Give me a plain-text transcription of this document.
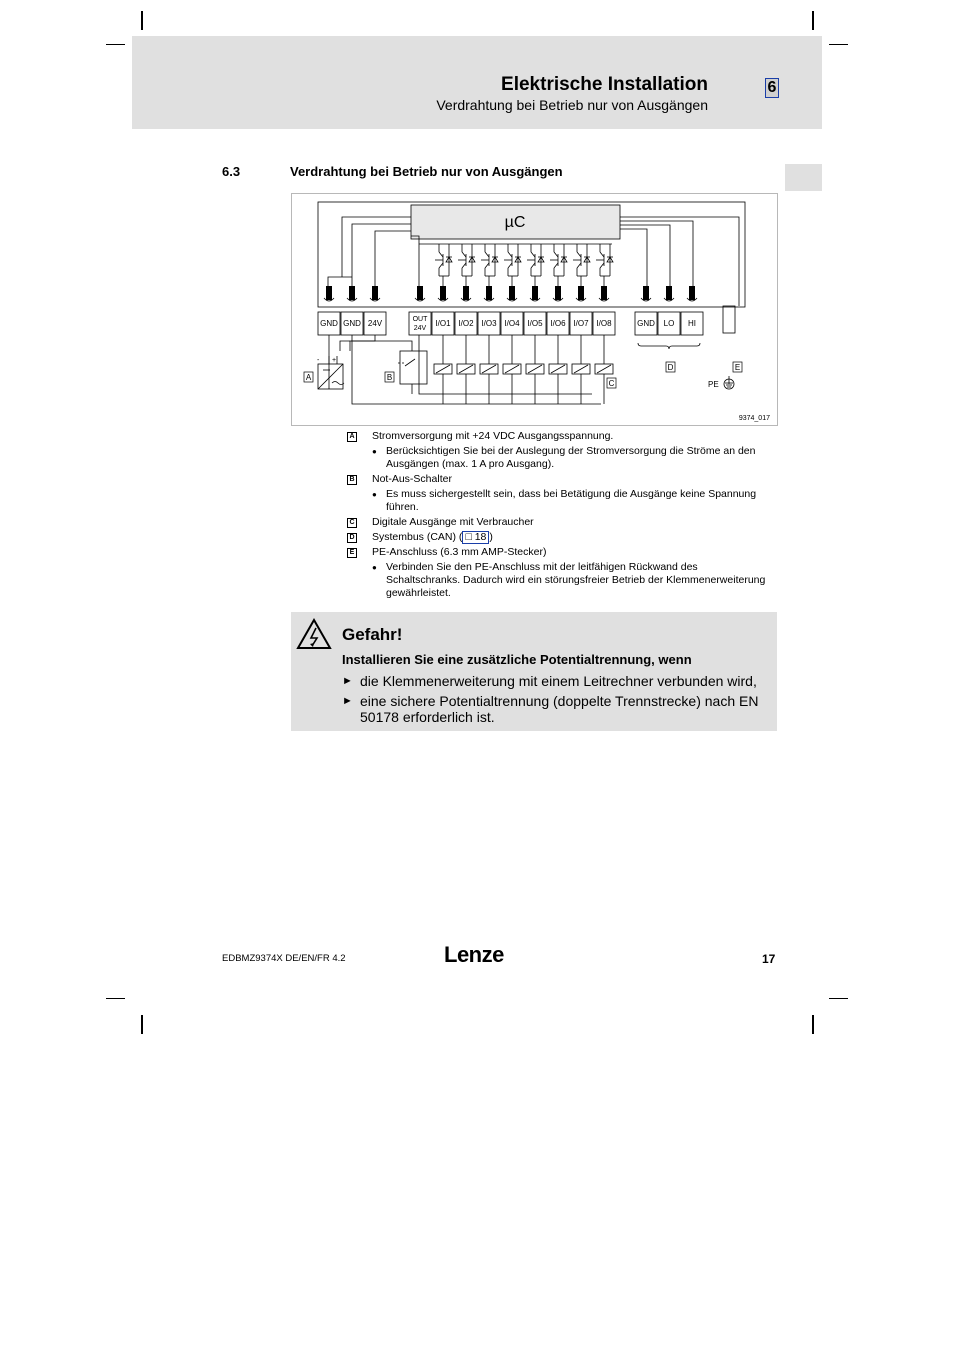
Elektrische Installation
Verdrahtung bei Betrieb nur von Ausgängen
6
6.3	Verdrahtung bei Betrieb nur von Ausgängen
GND GND 24V	OUT
24V
I/O1 I/O2 I/O3 I/O4 I/O5 I/O6 I/O7 I/O8	GND LO HI
µC
- +
A	B
C
D	E
PE
9374_017
A Stromversorgung mit +24 VDC Ausgangsspannung.
● Berücksichtigen Sie bei der Auslegung der Stromversorgung die Ströme an den Ausgängen (max. 1 A pro Ausgang).
B Not-Aus-Schalter
● Es muss sichergestellt sein, dass bei Betätigung die Ausgänge keine Spannung führen.
C Digitale Ausgänge mit Verbraucher
D Systembus (CAN) ( □ 18 )
E PE-Anschluss (6.3 mm AMP-Stecker)
● Verbinden Sie den PE-Anschluss mit der leitfähigen Rückwand des Schaltschranks. Dadurch wird ein störungsfreier Betrieb der Klemmenerweiterung gewährleistet.
Gefahr!
Installieren Sie eine zusätzliche Potentialtrennung, wenn
► die Klemmenerweiterung mit einem Leitrechner verbunden wird,
► eine sichere Potentialtrennung (doppelte Trennstrecke) nach EN 50178 erforderlich ist.
EDBMZ9374X DE/EN/FR 4.2	Lenze	17
